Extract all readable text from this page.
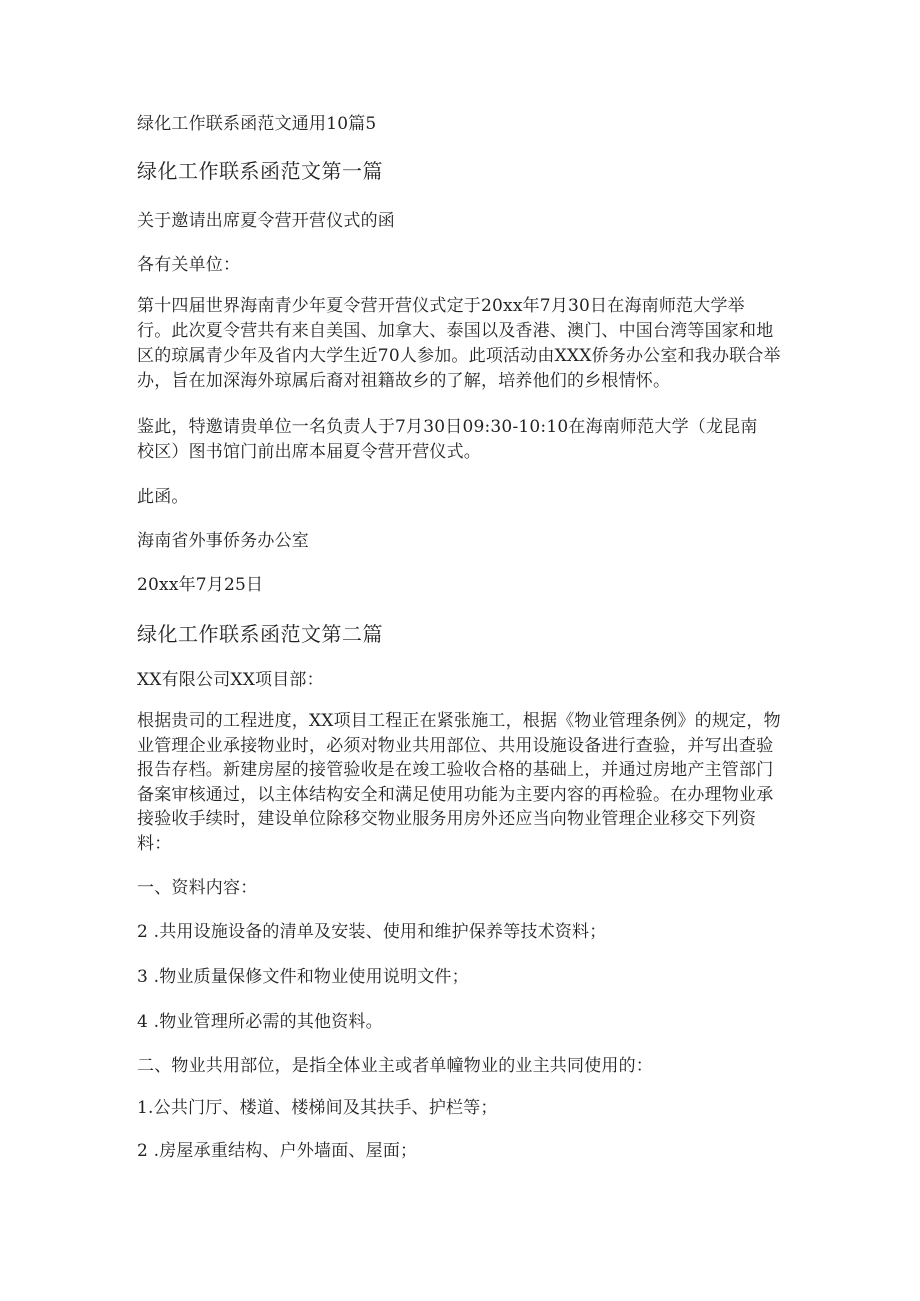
绿化工作联系函范文通用10篇5

绿化工作联系函范文第一篇

关于邀请出席夏令营开营仪式的函

各有关单位：

第十四届世界海南青少年夏令营开营仪式定于20xx年7月30日在海南师范大学举
行。此次夏令营共有来自美国、加拿大、泰国以及香港、澳门、中国台湾等国家和地
区的琼属青少年及省内大学生近70人参加。此项活动由XXX侨务办公室和我办联合举
办，旨在加深海外琼属后裔对祖籍故乡的了解，培养他们的乡根情怀。
鉴此，特邀请贵单位一名负责人于7月30日09:30-10:10在海南师范大学（龙昆南
校区）图书馆门前出席本届夏令营开营仪式。

此函。

海南省外事侨务办公室

20xx年7月25日

绿化工作联系函范文第二篇

XX有限公司XX项目部：

根据贵司的工程进度，XX项目工程正在紧张施工，根据《物业管理条例》的规定，物
业管理企业承接物业时，必须对物业共用部位、共用设施设备进行查验，并写出查验
报告存档。新建房屋的接管验收是在竣工验收合格的基础上，并通过房地产主管部门
备案审核通过，以主体结构安全和满足使用功能为主要内容的再检验。在办理物业承
接验收手续时，建设单位除移交物业服务用房外还应当向物业管理企业移交下列资
料：

一、资料内容：

2 .共用设施设备的清单及安装、使用和维护保养等技术资料；

3 .物业质量保修文件和物业使用说明文件；

4 .物业管理所必需的其他资料。

二、物业共用部位，是指全体业主或者单幢物业的业主共同使用的：

1.公共门厅、楼道、楼梯间及其扶手、护栏等；

2 .房屋承重结构、户外墙面、屋面；
